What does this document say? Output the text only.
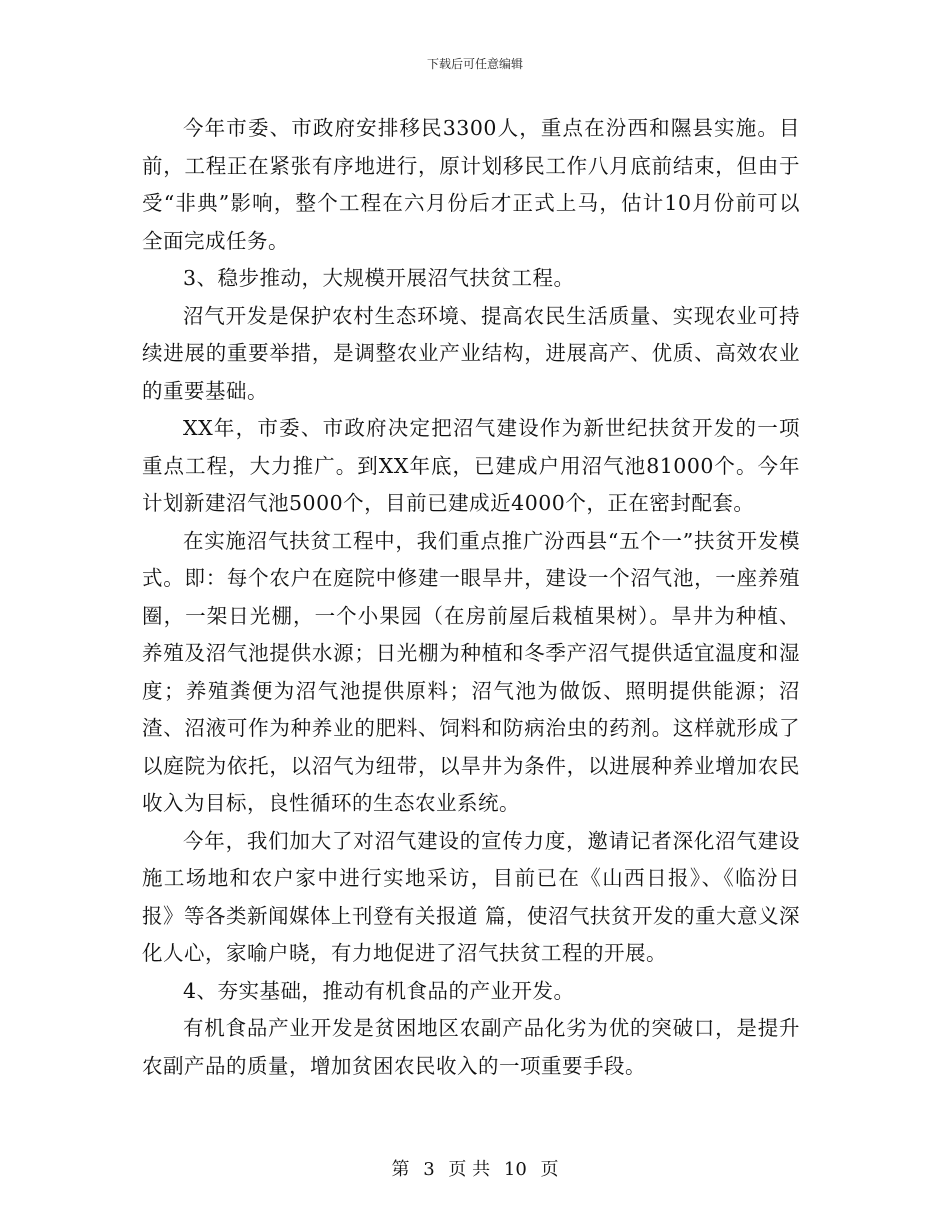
下载后可任意编辑

今年市委、市政府安排移民3300人，重点在汾西和隰县实施。目前，工程正在紧张有序地进行，原计划移民工作八月底前结束，但由于受“非典”影响，整个工程在六月份后才正式上马，估计10月份前可以全面完成任务。

3、稳步推动，大规模开展沼气扶贫工程。

沼气开发是保护农村生态环境、提高农民生活质量、实现农业可持续进展的重要举措，是调整农业产业结构，进展高产、优质、高效农业的重要基础。

XX年，市委、市政府决定把沼气建设作为新世纪扶贫开发的一项重点工程，大力推广。到XX年底，已建成户用沼气池81000个。今年计划新建沼气池5000个，目前已建成近4000个，正在密封配套。

在实施沼气扶贫工程中，我们重点推广汾西县“五个一”扶贫开发模式。即：每个农户在庭院中修建一眼旱井，建设一个沼气池，一座养殖圈，一架日光棚，一个小果园（在房前屋后栽植果树）。旱井为种植、养殖及沼气池提供水源；日光棚为种植和冬季产沼气提供适宜温度和湿度；养殖粪便为沼气池提供原料；沼气池为做饭、照明提供能源；沼渣、沼液可作为种养业的肥料、饲料和防病治虫的药剂。这样就形成了以庭院为依托，以沼气为纽带，以旱井为条件，以进展种养业增加农民收入为目标，良性循环的生态农业系统。

今年，我们加大了对沼气建设的宣传力度，邀请记者深化沼气建设施工场地和农户家中进行实地采访，目前已在《山西日报》、《临汾日报》等各类新闻媒体上刊登有关报道 篇，使沼气扶贫开发的重大意义深化人心，家喻户晓，有力地促进了沼气扶贫工程的开展。

4、夯实基础，推动有机食品的产业开发。

有机食品产业开发是贫困地区农副产品化劣为优的突破口，是提升农副产品的质量，增加贫困农民收入的一项重要手段。

第 3 页 共 10 页
